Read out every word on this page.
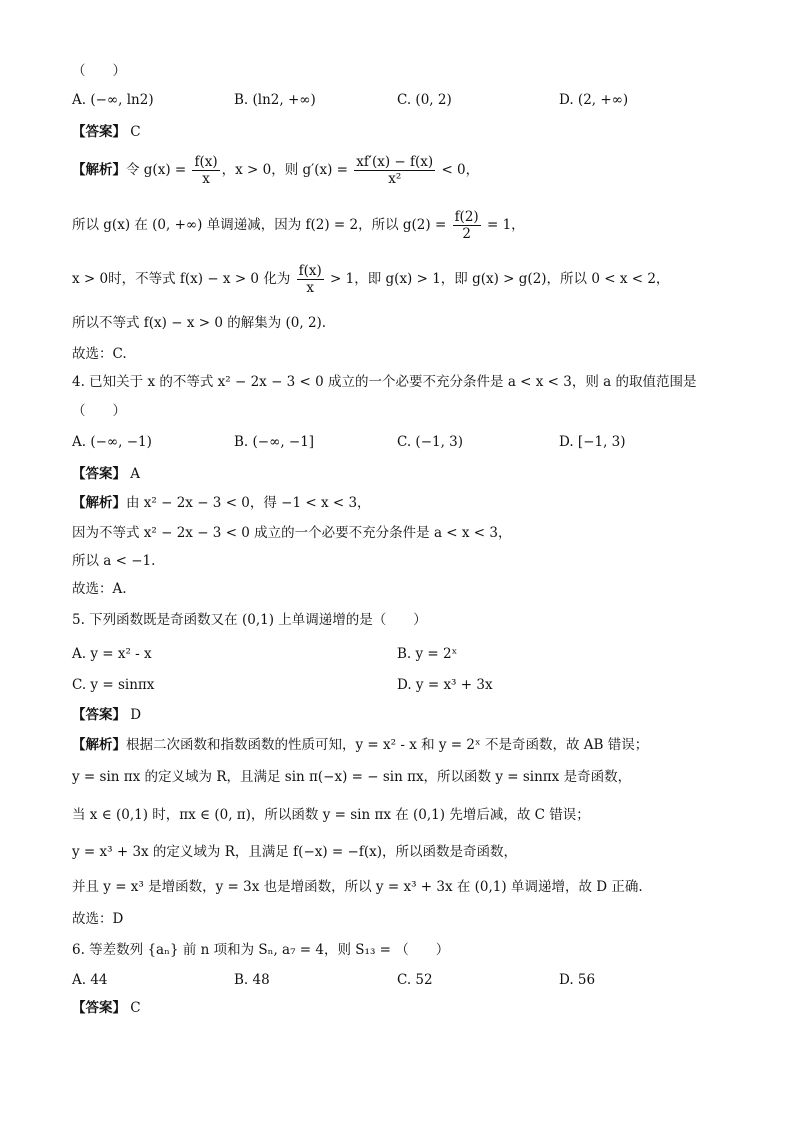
（　　）
A. (−∞, ln2)	B. (ln2, +∞)	C. (0, 2)	D. (2, +∞)
【答案】 C
【解析】令 $g(x) = \frac{f(x)}{x}$ ，x > 0，则 $g'(x) = \frac{xf'(x) - f(x)}{\text{x²}} < 0$，
所以 g(x) 在 (0, +∞) 单调递减，因为 f(2) = 2，所以 $g(2) = \frac{f(2)}{2} = 1$，
x > 0时，不等式 f(x) − x > 0 化为 $\frac{f(x)}{x} > 1$，即 g(x) > 1，即 g(x) > g(2)，所以 0 < x < 2，
所以不等式 f(x) − x > 0 的解集为 (0, 2).
故选：C.
4. 已知关于 x 的不等式 x² − 2x − 3 < 0 成立的一个必要不充分条件是 a < x < 3，则 a 的取值范围是
（　　）
A. (−∞, −1)	B. (−∞, −1]	C. (−1, 3)	D. [−1, 3)
【答案】 A
【解析】由 x² − 2x − 3 < 0，得 −1 < x < 3，
因为不等式 x² − 2x − 3 < 0 成立的一个必要不充分条件是 a < x < 3，
所以 a < −1.
故选：A.
5. 下列函数既是奇函数又在 (0,1) 上单调递增的是（　　）
A. y = x² - x	B. y = 2ˣ
C. y = sinπx	D. y = x³ + 3x
【答案】 D
【解析】根据二次函数和指数函数的性质可知，y = x² - x 和 y = 2ˣ 不是奇函数，故 AB 错误；
y = sin πx 的定义域为 R，且满足 sin π(−x) = − sin πx，所以函数 y = sinπx 是奇函数，
当 x ∈ (0,1) 时，πx ∈ (0, π)，所以函数 y = sin πx 在 (0,1) 先增后减，故 C 错误；
y = x³ + 3x 的定义域为 R，且满足 f(−x) = −f(x)，所以函数是奇函数，
并且 y = x³ 是增函数，y = 3x 也是增函数，所以 y = x³ + 3x 在 (0,1) 单调递增，故 D 正确.
故选：D
6. 等差数列 {aₙ} 前 n 项和为 Sₙ, a₇ = 4，则 S₁₃ = （　　）
A. 44	B. 48	C. 52	D. 56
【答案】 C
